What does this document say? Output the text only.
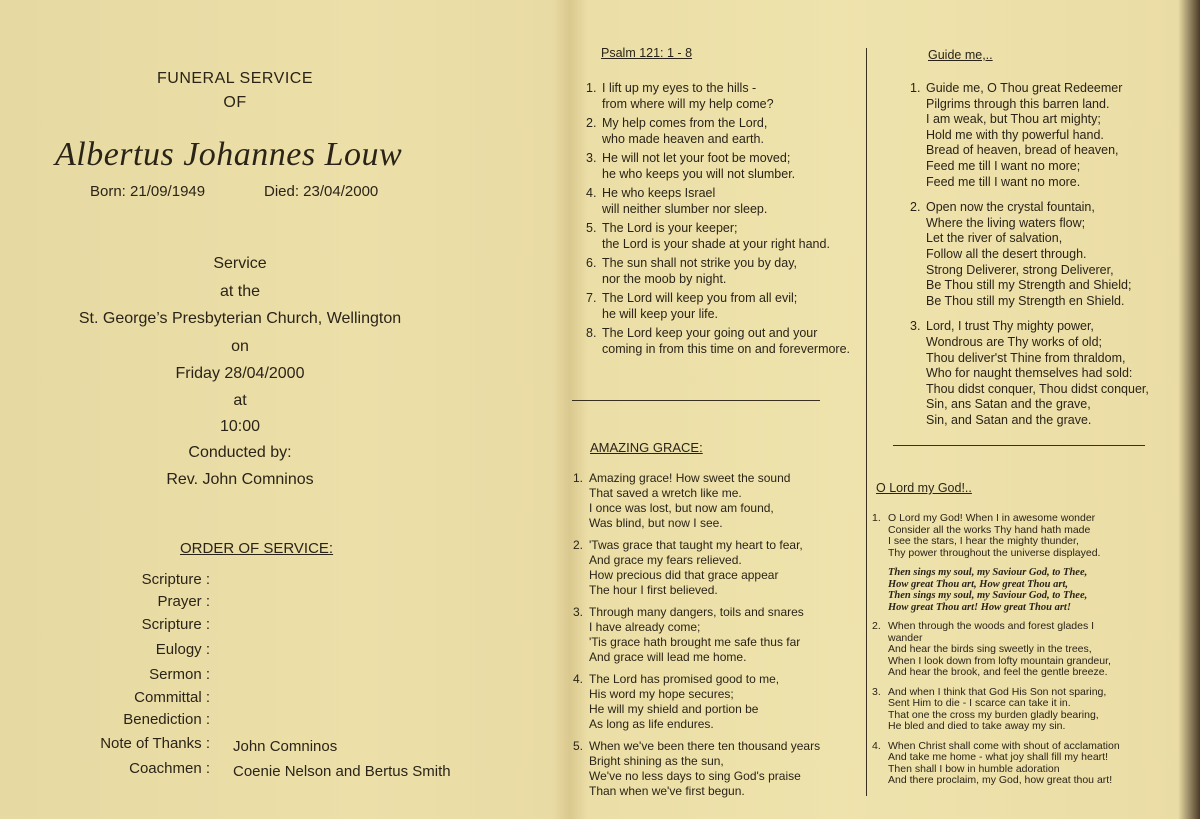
FUNERAL SERVICE
OF
Albertus Johannes Louw
Born: 21/09/1949	Died: 23/04/2000
Service
at the
St. George’s Presbyterian Church, Wellington
on
Friday 28/04/2000
at
10:00
Conducted by:
Rev. John Comninos
ORDER OF SERVICE:
Scripture :
Prayer :
Scripture :
Eulogy :
Sermon :
Committal :
Benediction :
Note of Thanks : John Comninos
Coachmen : Coenie Nelson and Bertus Smith
Psalm 121: 1 - 8
1. I lift up my eyes to the hills -
from where will my help come?
2. My help comes from the Lord,
who made heaven and earth.
3. He will not let your foot be moved;
he who keeps you will not slumber.
4. He who keeps Israel
will neither slumber nor sleep.
5. The Lord is your keeper;
the Lord is your shade at your right hand.
6. The sun shall not strike you by day,
nor the moob by night.
7. The Lord will keep you from all evil;
he will keep your life.
8. The Lord keep your going out and your
coming in from this time on and forevermore.
AMAZING GRACE:
1. Amazing grace! How sweet the sound
That saved a wretch like me.
I once was lost, but now am found,
Was blind, but now I see.
2. 'Twas grace that taught my heart to fear,
And grace my fears relieved.
How precious did that grace appear
The hour I first believed.
3. Through many dangers, toils and snares
I have already come;
'Tis grace hath brought me safe thus far
And grace will lead me home.
4. The Lord has promised good to me,
His word my hope secures;
He will my shield and portion be
As long as life endures.
5. When we've been there ten thousand years
Bright shining as the sun,
We've no less days to sing God's praise
Than when we've first begun.
Guide me,..
1. Guide me, O Thou great Redeemer
Pilgrims through this barren land.
I am weak, but Thou art mighty;
Hold me with thy powerful hand.
Bread of heaven, bread of heaven,
Feed me till I want no more;
Feed me till I want no more.
2. Open now the crystal fountain,
Where the living waters flow;
Let the river of salvation,
Follow all the desert through.
Strong Deliverer, strong Deliverer,
Be Thou still my Strength and Shield;
Be Thou still my Strength en Shield.
3. Lord, I trust Thy mighty power,
Wondrous are Thy works of old;
Thou deliver'st Thine from thraldom,
Who for naught themselves had sold:
Thou didst conquer, Thou didst conquer,
Sin, ans Satan and the grave,
Sin, and Satan and the grave.
O Lord my God!..
1. O Lord my God! When I in awesome wonder
Consider all the works Thy hand hath made
I see the stars, I hear the mighty thunder,
Thy power throughout the universe displayed.
Then sings my soul, my Saviour God, to Thee,
How great Thou art, How great Thou art,
Then sings my soul, my Saviour God, to Thee,
How great Thou art! How great Thou art!
2. When through the woods and forest glades I
wander
And hear the birds sing sweetly in the trees,
When I look down from lofty mountain grandeur,
And hear the brook, and feel the gentle breeze.
3. And when I think that God His Son not sparing,
Sent Him to die - I scarce can take it in.
That one the cross my burden gladly bearing,
He bled and died to take away my sin.
4. When Christ shall come with shout of acclamation
And take me home - what joy shall fill my heart!
Then shall I bow in humble adoration
And there proclaim, my God, how great thou art!
